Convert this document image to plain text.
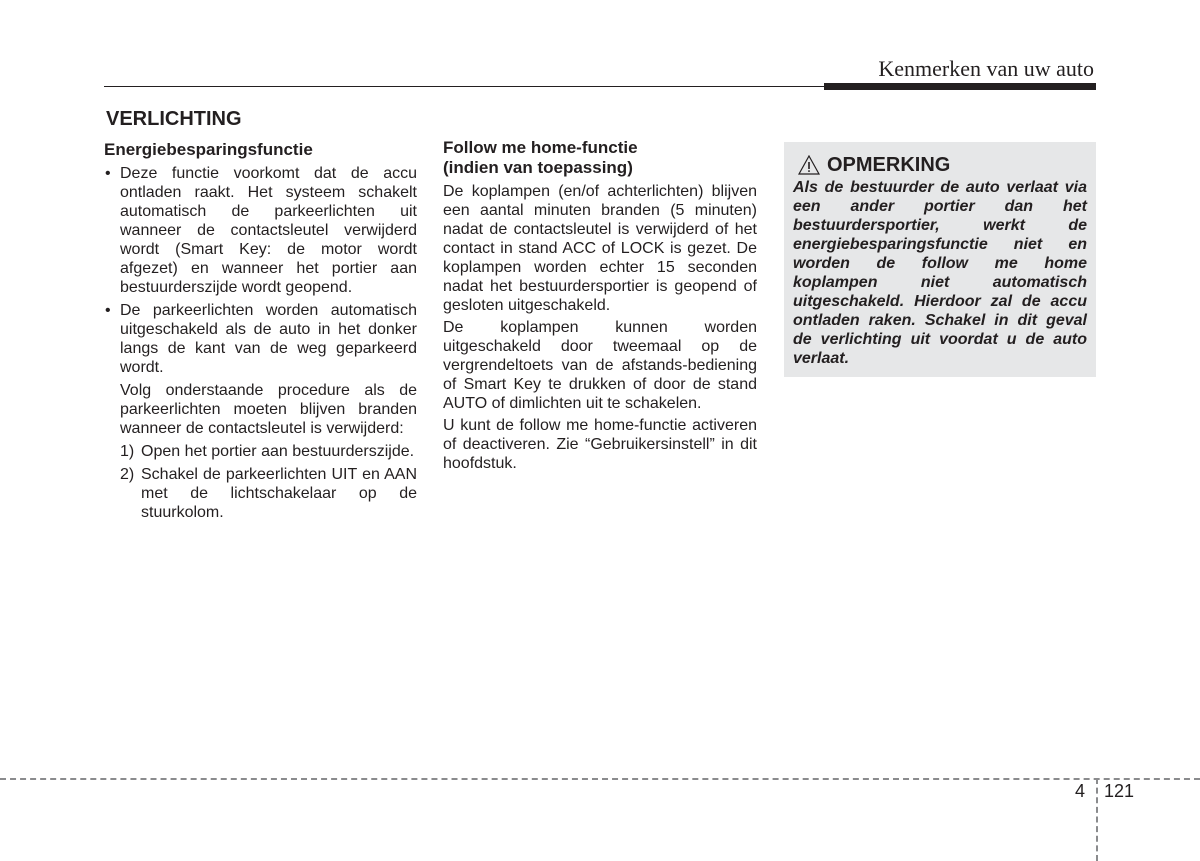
Kenmerken van uw auto
VERLICHTING
Energiebesparingsfunctie
• Deze functie voorkomt dat de accu ontladen raakt. Het systeem schakelt automatisch de parkeerlichten uit wanneer de contactsleutel verwijderd wordt (Smart Key: de motor wordt afgezet) en wanneer het portier aan bestuurderszijde wordt geopend.

• De parkeerlichten worden automatisch uitgeschakeld als de auto in het donker langs de kant van de weg geparkeerd wordt.

Volg onderstaande procedure als de parkeerlichten moeten blijven branden wanneer de contactsleutel is verwijderd:

1) Open het portier aan bestuurderszijde.

2) Schakel de parkeerlichten UIT en AAN met de lichtschakelaar op de stuurkolom.

Follow me home-functie
(indien van toepassing)

De koplampen (en/of achterlichten) blijven een aantal minuten branden (5 minuten) nadat de contactsleutel is verwijderd of het contact in stand ACC of LOCK is gezet. De koplampen worden echter 15 seconden nadat het bestuurdersportier is geopend of gesloten uitgeschakeld.

De koplampen kunnen worden uitgeschakeld door tweemaal op de vergrendeltoets van de afstands-bediening of Smart Key te drukken of door de stand AUTO of dimlichten uit te schakelen.

U kunt de follow me home-functie activeren of deactiveren. Zie “Gebruikersinstell” in dit hoofdstuk.

OPMERKING

Als de bestuurder de auto verlaat via een ander portier dan het bestuurdersportier, werkt de energiebesparingsfunctie niet en worden de follow me home koplampen niet automatisch uitgeschakeld. Hierdoor zal de accu ontladen raken. Schakel in dit geval de verlichting uit voordat u de auto verlaat.

4 121
